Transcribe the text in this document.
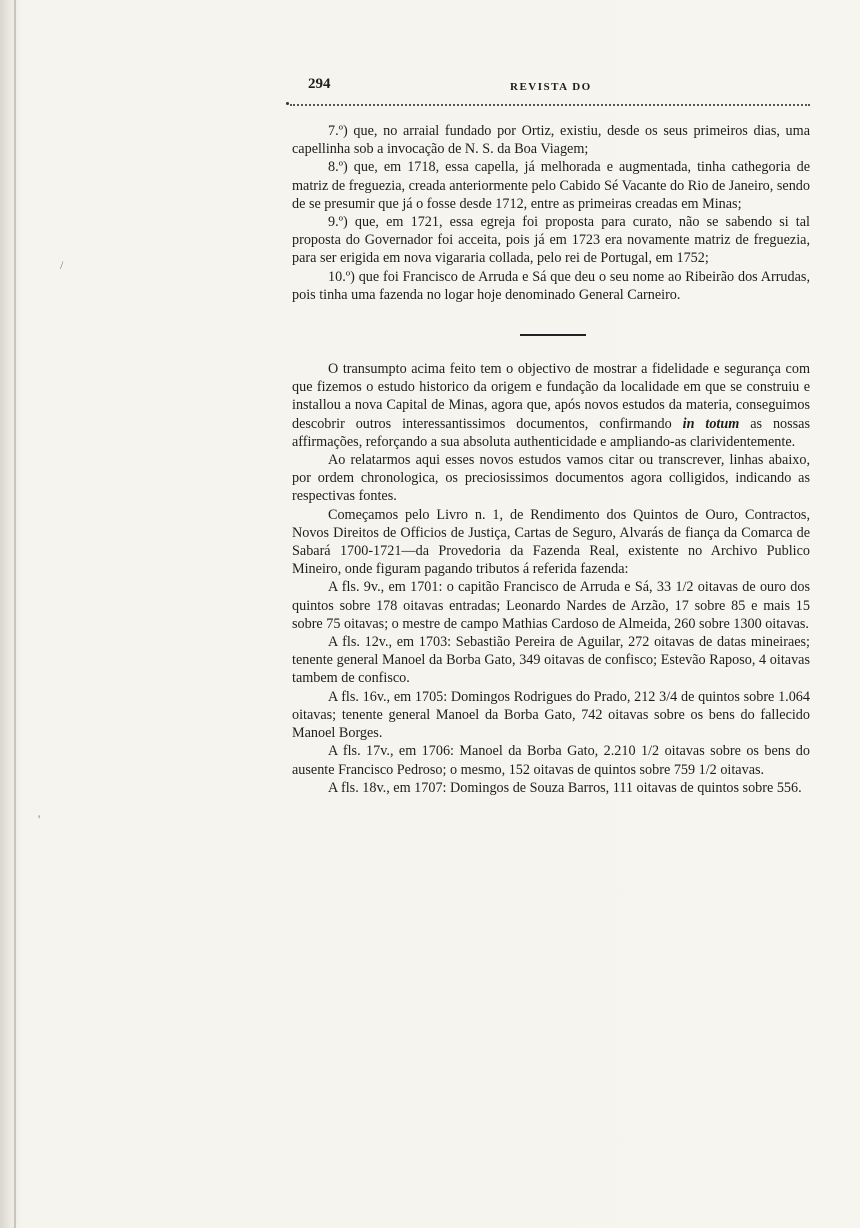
/
'
294	REVISTA DO

7.º) que, no arraial fundado por Ortiz, existiu, desde os seus primeiros dias, uma capellinha sob a invocação de N. S. da Boa Viagem;

8.º) que, em 1718, essa capella, já melhorada e augmentada, tinha cathegoria de matriz de freguezia, creada anteriormente pelo Cabido Sé Vacante do Rio de Janeiro, sendo de se presumir que já o fosse desde 1712, entre as primeiras creadas em Minas;

9.º) que, em 1721, essa egreja foi proposta para curato, não se sabendo si tal proposta do Governador foi acceita, pois já em 1723 era novamente matriz de freguezia, para ser erigida em nova vigararia collada, pelo rei de Portugal, em 1752;

10.º) que foi Francisco de Arruda e Sá que deu o seu nome ao Ribeirão dos Arrudas, pois tinha uma fazenda no logar hoje denominado General Carneiro.

O transumpto acima feito tem o objectivo de mostrar a fidelidade e segurança com que fizemos o estudo historico da origem e fundação da localidade em que se construiu e installou a nova Capital de Minas, agora que, após novos estudos da materia, conseguimos descobrir outros interessantissimos documentos, confirmando in totum as nossas affirmações, reforçando a sua absoluta authenticidade e ampliando-as clarividentemente.

Ao relatarmos aqui esses novos estudos vamos citar ou transcrever, linhas abaixo, por ordem chronologica, os preciosissimos documentos agora colligidos, indicando as respectivas fontes.

Começamos pelo Livro n. 1, de Rendimento dos Quintos de Ouro, Contractos, Novos Direitos de Officios de Justiça, Cartas de Seguro, Alvarás de fiança da Comarca de Sabará 1700-1721—da Provedoria da Fazenda Real, existente no Archivo Publico Mineiro, onde figuram pagando tributos á referida fazenda:

A fls. 9v., em 1701: o capitão Francisco de Arruda e Sá, 33 1/2 oitavas de ouro dos quintos sobre 178 oitavas entradas; Leonardo Nardes de Arzão, 17 sobre 85 e mais 15 sobre 75 oitavas; o mestre de campo Mathias Cardoso de Almeida, 260 sobre 1300 oitavas.

A fls. 12v., em 1703: Sebastião Pereira de Aguilar, 272 oitavas de datas mineiraes; tenente general Manoel da Borba Gato, 349 oitavas de confisco; Estevão Raposo, 4 oitavas tambem de confisco.

A fls. 16v., em 1705: Domingos Rodrigues do Prado, 212 3/4 de quintos sobre 1.064 oitavas; tenente general Manoel da Borba Gato, 742 oitavas sobre os bens do fallecido Manoel Borges.

A fls. 17v., em 1706: Manoel da Borba Gato, 2.210 1/2 oitavas sobre os bens do ausente Francisco Pedroso; o mesmo, 152 oitavas de quintos sobre 759 1/2 oitavas.

A fls. 18v., em 1707: Domingos de Souza Barros, 111 oitavas de quintos sobre 556.
